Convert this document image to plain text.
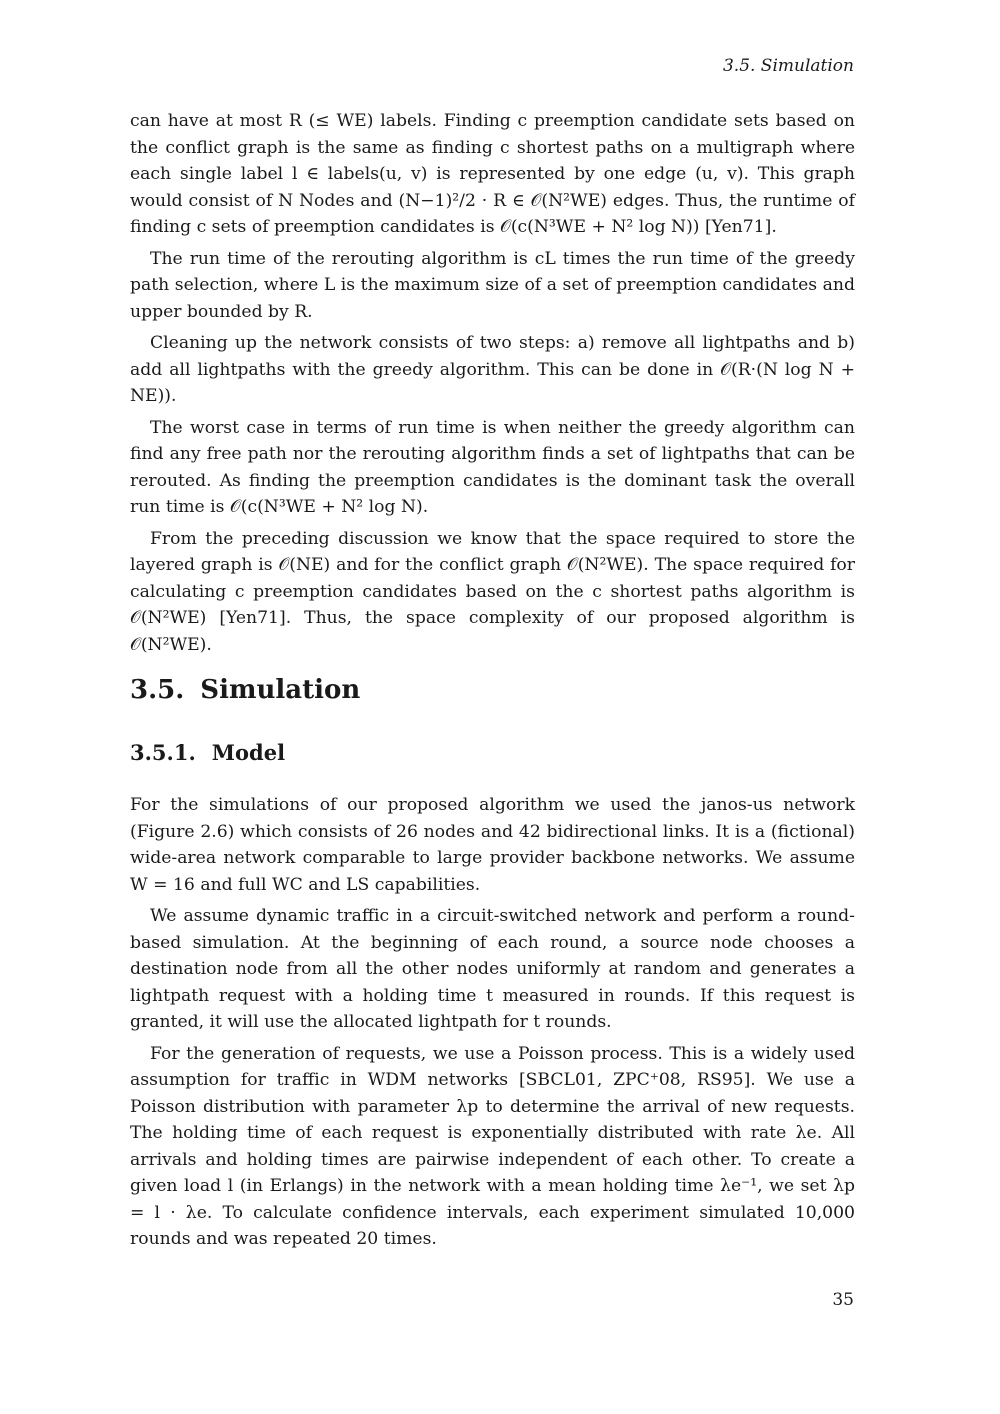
3.5. Simulation

can have at most R (≤ WE) labels. Finding c preemption candidate sets based on the conflict graph is the same as finding c shortest paths on a multigraph where each single label l ∈ labels(u, v) is represented by one edge (u, v). This graph would consist of N Nodes and (N−1)²/2 · R ∈ 𝒪(N²WE) edges. Thus, the runtime of finding c sets of preemption candidates is 𝒪(c(N³WE + N² log N)) [Yen71].

The run time of the rerouting algorithm is cL times the run time of the greedy path selection, where L is the maximum size of a set of preemption candidates and upper bounded by R.

Cleaning up the network consists of two steps: a) remove all lightpaths and b) add all lightpaths with the greedy algorithm. This can be done in 𝒪(R·(N log N + NE)).

The worst case in terms of run time is when neither the greedy algorithm can find any free path nor the rerouting algorithm finds a set of lightpaths that can be rerouted. As finding the preemption candidates is the dominant task the overall run time is 𝒪(c(N³WE + N² log N).

From the preceding discussion we know that the space required to store the layered graph is 𝒪(NE) and for the conflict graph 𝒪(N²WE). The space required for calculating c preemption candidates based on the c shortest paths algorithm is 𝒪(N²WE) [Yen71]. Thus, the space complexity of our proposed algorithm is 𝒪(N²WE).

3.5. Simulation
3.5.1. Model

For the simulations of our proposed algorithm we used the janos-us network (Figure 2.6) which consists of 26 nodes and 42 bidirectional links. It is a (fictional) wide-area network comparable to large provider backbone networks. We assume W = 16 and full WC and LS capabilities.

We assume dynamic traffic in a circuit-switched network and perform a round-based simulation. At the beginning of each round, a source node chooses a destination node from all the other nodes uniformly at random and generates a lightpath request with a holding time t measured in rounds. If this request is granted, it will use the allocated lightpath for t rounds.

For the generation of requests, we use a Poisson process. This is a widely used assumption for traffic in WDM networks [SBCL01, ZPC⁺08, RS95]. We use a Poisson distribution with parameter λp to determine the arrival of new requests. The holding time of each request is exponentially distributed with rate λe. All arrivals and holding times are pairwise independent of each other. To create a given load l (in Erlangs) in the network with a mean holding time λe⁻¹, we set λp = l · λe. To calculate confidence intervals, each experiment simulated 10,000 rounds and was repeated 20 times.

35
